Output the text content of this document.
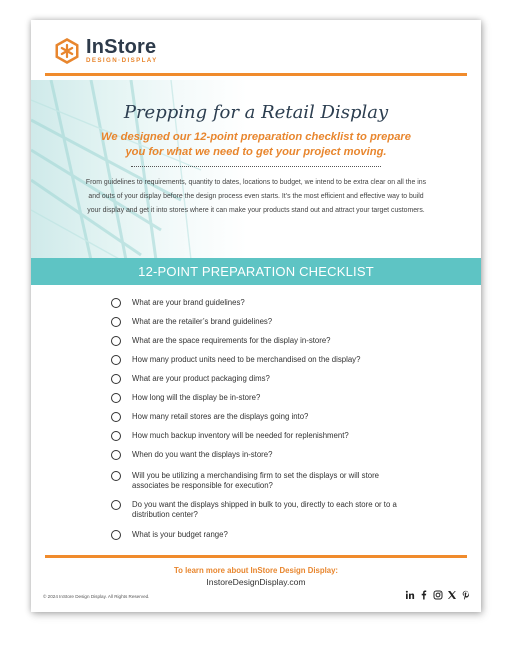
InStore
DESIGN·DISPLAY
Prepping for a Retail Display
We designed our 12-point preparation checklist to prepare you for what we need to get your project moving.
From guidelines to requirements, quantity to dates, locations to budget, we intend to be extra clear on all the ins and outs of your display before the design process even starts. It’s the most efficient and effective way to build your display and get it into stores where it can make your products stand out and attract your target customers.
12-POINT PREPARATION CHECKLIST
What are your brand guidelines?
What are the retailer’s brand guidelines?
What are the space requirements for the display in-store?
How many product units need to be merchandised on the display?
What are your product packaging dims?
How long will the display be in-store?
How many retail stores are the displays going into?
How much backup inventory will be needed for replenishment?
When do you want the displays in-store?
Will you be utilizing a merchandising firm to set the displays or will store associates be responsible for execution?
Do you want the displays shipped in bulk to you, directly to each store or to a distribution center?
What is your budget range?
To learn more about InStore Design Display:
InstoreDesignDisplay.com
© 2024 InStore Design Display. All Rights Reserved.
